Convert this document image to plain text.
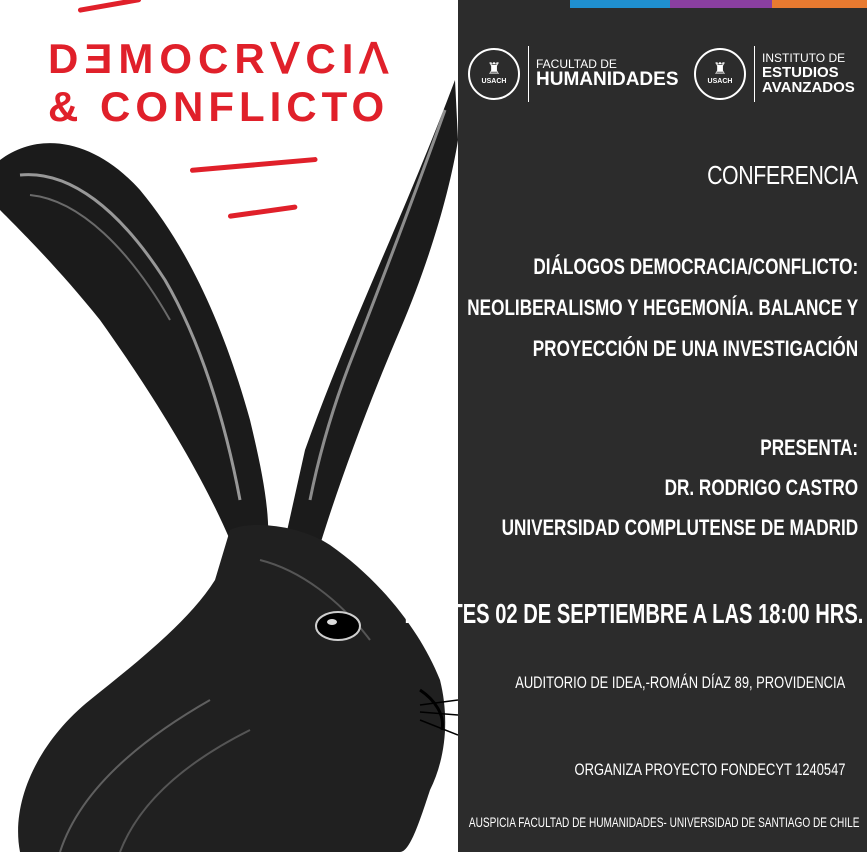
DƎMOCRᐯCIᐱ
& CONFLICTO
♜
USACH
FACULTAD DE
HUMANIDADES ♜
USACH
INSTITUTO DE
ESTUDIOS
AVANZADOS
CONFERENCIA
DIÁLOGOS DEMOCRACIA/CONFLICTO:
NEOLIBERALISMO Y HEGEMONÍA. BALANCE Y
PROYECCIÓN DE UNA INVESTIGACIÓN
PRESENTA:
DR. RODRIGO CASTRO
UNIVERSIDAD COMPLUTENSE DE MADRID
MARTES 02 DE SEPTIEMBRE A LAS 18:00 HRS.
AUDITORIO DE IDEA,-ROMÁN DÍAZ 89, PROVIDENCIA
ORGANIZA PROYECTO FONDECYT 1240547
AUSPICIA FACULTAD DE HUMANIDADES- UNIVERSIDAD DE SANTIAGO DE CHILE
